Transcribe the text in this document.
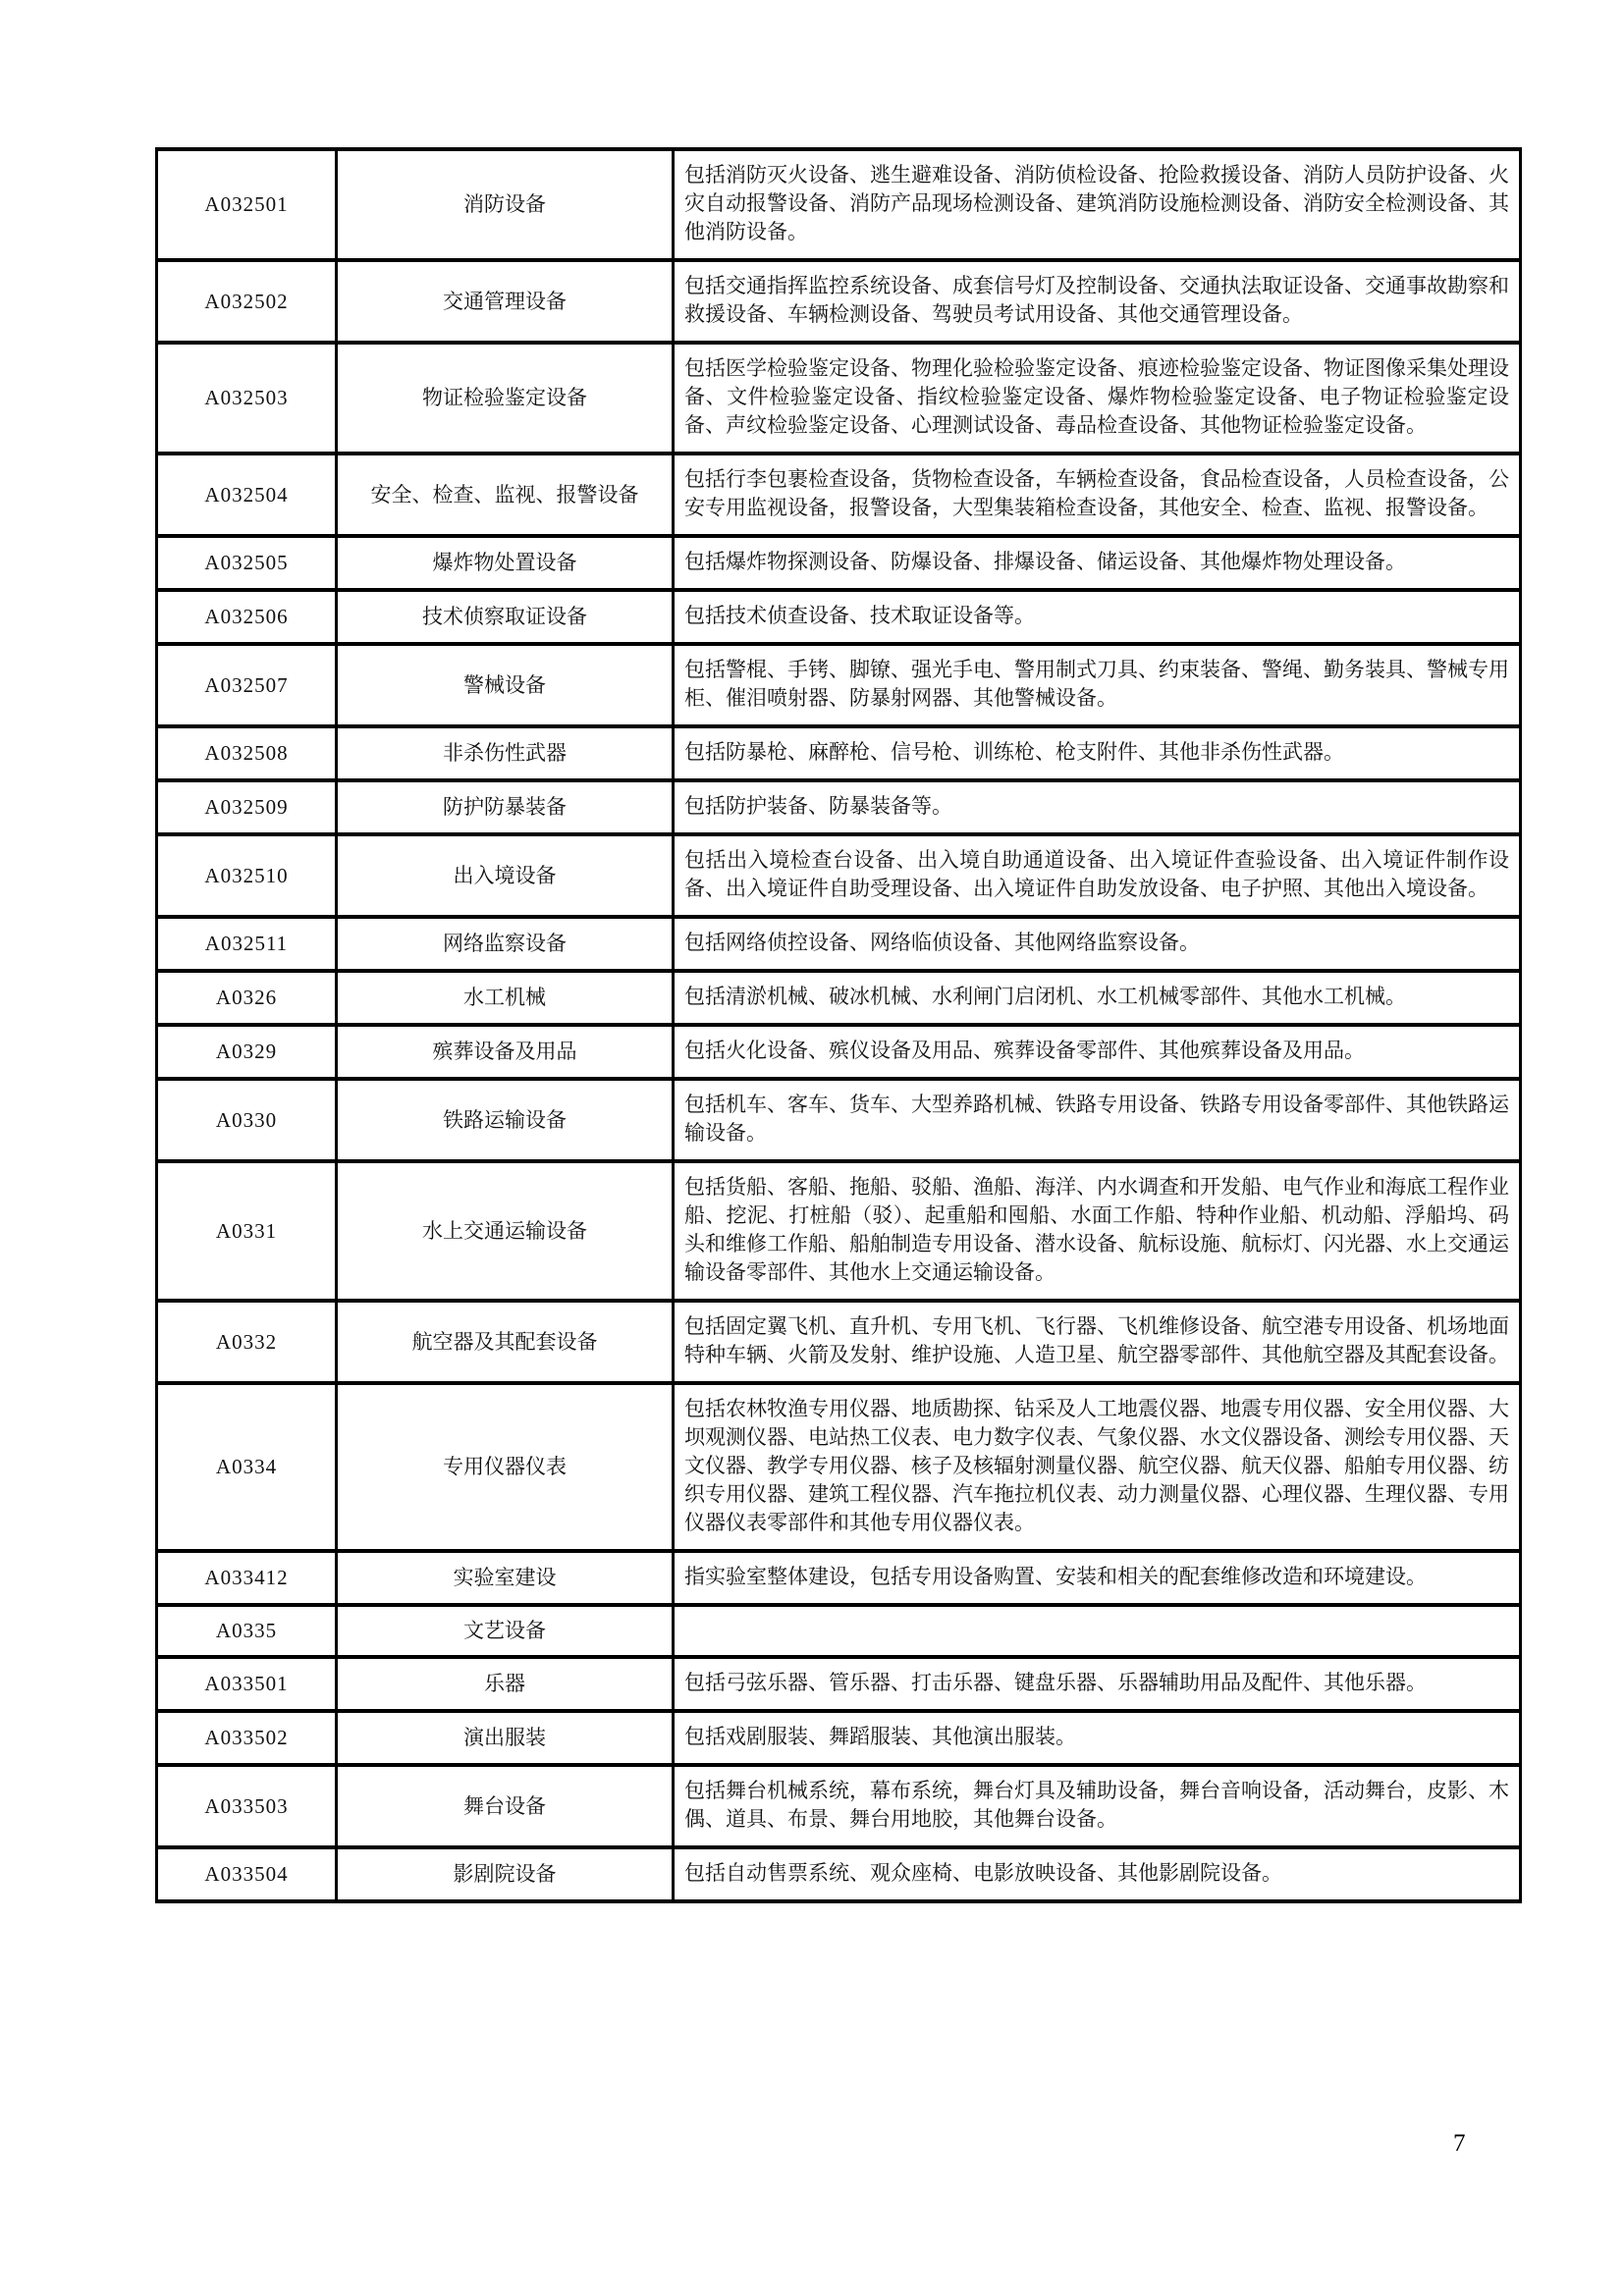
A032501	消防设备	包括消防灭火设备、逃生避难设备、消防侦检设备、抢险救援设备、消防人员防护设备、火灾自动报警设备、消防产品现场检测设备、建筑消防设施检测设备、消防安全检测设备、其他消防设备。
A032502	交通管理设备	包括交通指挥监控系统设备、成套信号灯及控制设备、交通执法取证设备、交通事故勘察和救援设备、车辆检测设备、驾驶员考试用设备、其他交通管理设备。
A032503	物证检验鉴定设备	包括医学检验鉴定设备、物理化验检验鉴定设备、痕迹检验鉴定设备、物证图像采集处理设备、文件检验鉴定设备、指纹检验鉴定设备、爆炸物检验鉴定设备、电子物证检验鉴定设备、声纹检验鉴定设备、心理测试设备、毒品检查设备、其他物证检验鉴定设备。
A032504	安全、检查、监视、报警设备	包括行李包裹检查设备，货物检查设备，车辆检查设备，食品检查设备，人员检查设备，公安专用监视设备，报警设备，大型集装箱检查设备，其他安全、检查、监视、报警设备。
A032505	爆炸物处置设备	包括爆炸物探测设备、防爆设备、排爆设备、储运设备、其他爆炸物处理设备。
A032506	技术侦察取证设备	包括技术侦查设备、技术取证设备等。
A032507	警械设备	包括警棍、手铐、脚镣、强光手电、警用制式刀具、约束装备、警绳、勤务装具、警械专用柜、催泪喷射器、防暴射网器、其他警械设备。
A032508	非杀伤性武器	包括防暴枪、麻醉枪、信号枪、训练枪、枪支附件、其他非杀伤性武器。
A032509	防护防暴装备	包括防护装备、防暴装备等。
A032510	出入境设备	包括出入境检查台设备、出入境自助通道设备、出入境证件查验设备、出入境证件制作设备、出入境证件自助受理设备、出入境证件自助发放设备、电子护照、其他出入境设备。
A032511	网络监察设备	包括网络侦控设备、网络临侦设备、其他网络监察设备。
A0326	水工机械	包括清淤机械、破冰机械、水利闸门启闭机、水工机械零部件、其他水工机械。
A0329	殡葬设备及用品	包括火化设备、殡仪设备及用品、殡葬设备零部件、其他殡葬设备及用品。
A0330	铁路运输设备	包括机车、客车、货车、大型养路机械、铁路专用设备、铁路专用设备零部件、其他铁路运输设备。
A0331	水上交通运输设备	包括货船、客船、拖船、驳船、渔船、海洋、内水调查和开发船、电气作业和海底工程作业船、挖泥、打桩船（驳）、起重船和囤船、水面工作船、特种作业船、机动船、浮船坞、码头和维修工作船、船舶制造专用设备、潜水设备、航标设施、航标灯、闪光器、水上交通运输设备零部件、其他水上交通运输设备。
A0332	航空器及其配套设备	包括固定翼飞机、直升机、专用飞机、飞行器、飞机维修设备、航空港专用设备、机场地面特种车辆、火箭及发射、维护设施、人造卫星、航空器零部件、其他航空器及其配套设备。
A0334	专用仪器仪表	包括农林牧渔专用仪器、地质勘探、钻采及人工地震仪器、地震专用仪器、安全用仪器、大坝观测仪器、电站热工仪表、电力数字仪表、气象仪器、水文仪器设备、测绘专用仪器、天文仪器、教学专用仪器、核子及核辐射测量仪器、航空仪器、航天仪器、船舶专用仪器、纺织专用仪器、建筑工程仪器、汽车拖拉机仪表、动力测量仪器、心理仪器、生理仪器、专用仪器仪表零部件和其他专用仪器仪表。
A033412	实验室建设	指实验室整体建设，包括专用设备购置、安装和相关的配套维修改造和环境建设。
A0335	文艺设备	
A033501	乐器	包括弓弦乐器、管乐器、打击乐器、键盘乐器、乐器辅助用品及配件、其他乐器。
A033502	演出服装	包括戏剧服装、舞蹈服装、其他演出服装。
A033503	舞台设备	包括舞台机械系统，幕布系统，舞台灯具及辅助设备，舞台音响设备，活动舞台，皮影、木偶、道具、布景、舞台用地胶，其他舞台设备。
A033504	影剧院设备	包括自动售票系统、观众座椅、电影放映设备、其他影剧院设备。
7
